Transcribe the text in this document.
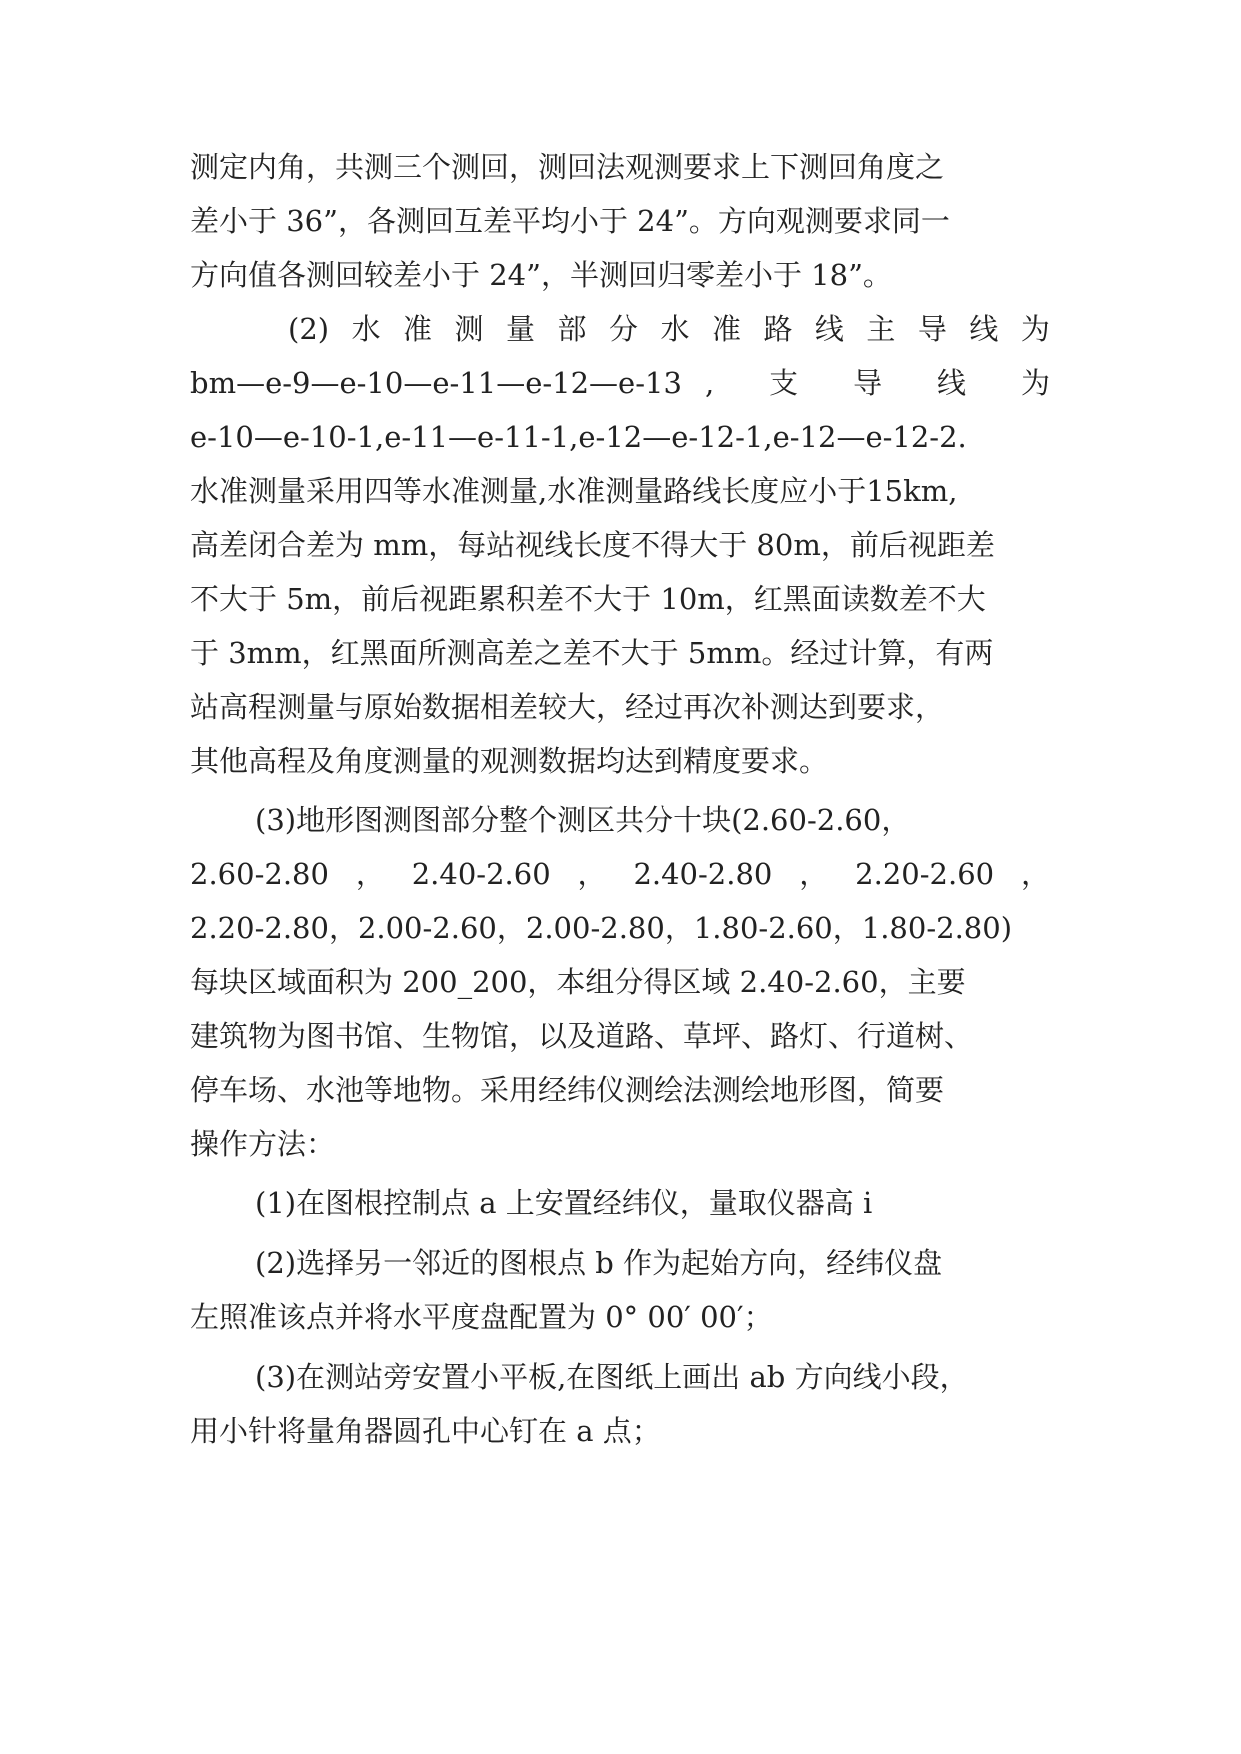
测定内角，共测三个测回，测回法观测要求上下测回角度之
差小于 36”，各测回互差平均小于 24”。方向观测要求同一
方向值各测回较差小于 24”，半测回归零差小于 18”。
(2) 水 准 测 量 部 分 水 准 路 线 主 导 线 为
bm—e-9—e-10—e-11—e-12—e-13 , 支 导 线 为
e-10—e-10-1,e-11—e-11-1,e-12—e-12-1,e-12—e-12-2.
水准测量采用四等水准测量,水准测量路线长度应小于15km,
高差闭合差为 mm，每站视线长度不得大于 80m，前后视距差
不大于 5m，前后视距累积差不大于 10m，红黑面读数差不大
于 3mm，红黑面所测高差之差不大于 5mm。经过计算，有两
站高程测量与原始数据相差较大，经过再次补测达到要求，
其他高程及角度测量的观测数据均达到精度要求。
(3)地形图测图部分整个测区共分十块(2.60-2.60，
2.60-2.80 ， 2.40-2.60 ， 2.40-2.80 ， 2.20-2.60 ，
2.20-2.80，2.00-2.60，2.00-2.80，1.80-2.60，1.80-2.80)
每块区域面积为 200_200，本组分得区域 2.40-2.60，主要
建筑物为图书馆、生物馆，以及道路、草坪、路灯、行道树、
停车场、水池等地物。采用经纬仪测绘法测绘地形图，简要
操作方法：
(1)在图根控制点 a 上安置经纬仪，量取仪器高 i
(2)选择另一邻近的图根点 b 作为起始方向，经纬仪盘
左照准该点并将水平度盘配置为 0° 00′ 00′；
(3)在测站旁安置小平板,在图纸上画出 ab 方向线小段，
用小针将量角器圆孔中心钉在 a 点；
